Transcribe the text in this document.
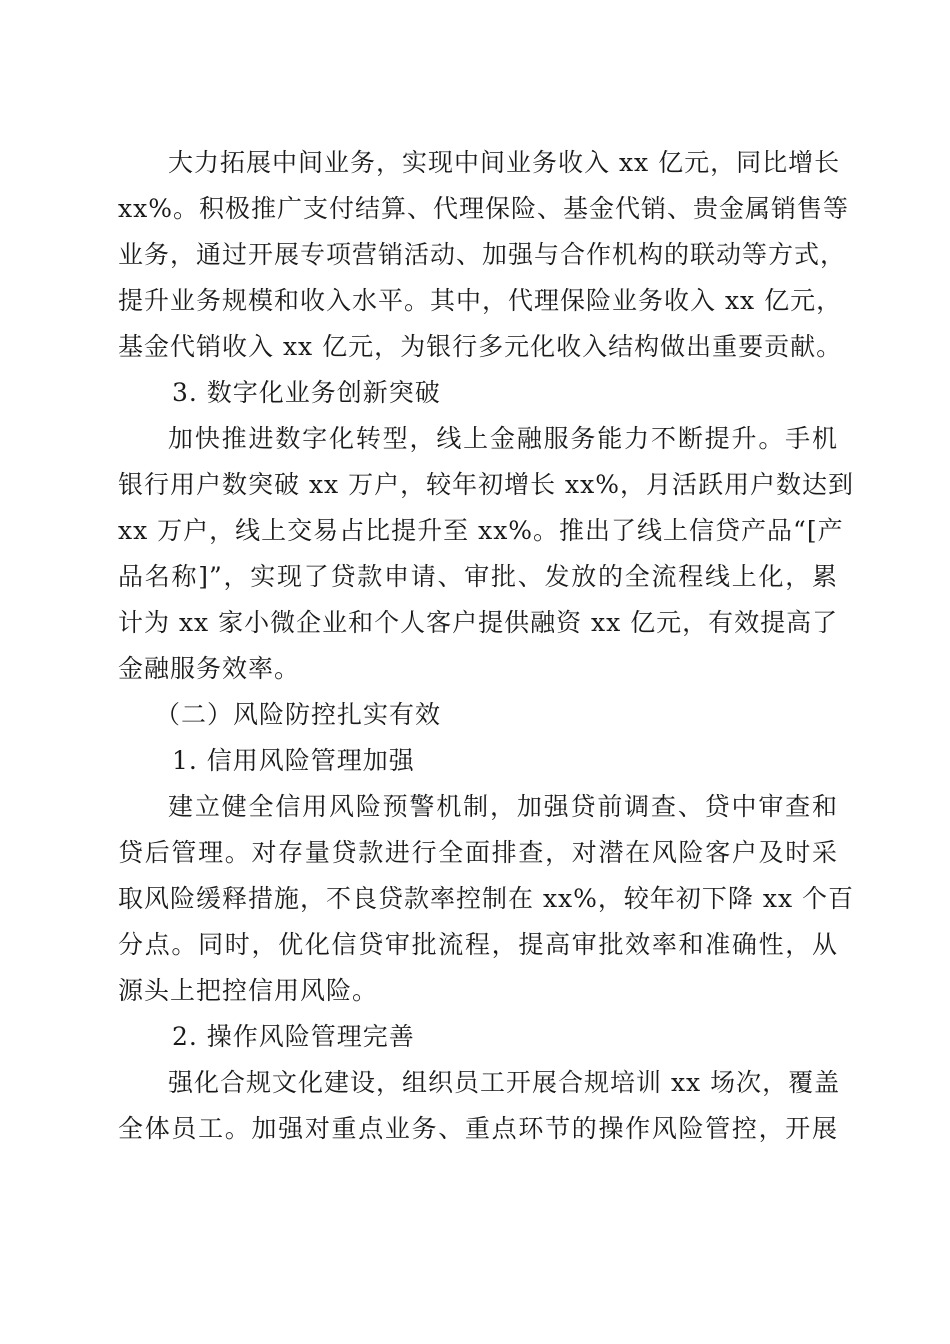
大力拓展中间业务，实现中间业务收入 xx 亿元，同比增长
xx%。积极推广支付结算、代理保险、基金代销、贵金属销售等
业务，通过开展专项营销活动、加强与合作机构的联动等方式，
提升业务规模和收入水平。其中，代理保险业务收入 xx 亿元，
基金代销收入 xx 亿元，为银行多元化收入结构做出重要贡献。
3. 数字化业务创新突破
加快推进数字化转型，线上金融服务能力不断提升。手机
银行用户数突破 xx 万户，较年初增长 xx%，月活跃用户数达到
xx 万户，线上交易占比提升至 xx%。推出了线上信贷产品“[产
品名称]”，实现了贷款申请、审批、发放的全流程线上化，累
计为 xx 家小微企业和个人客户提供融资 xx 亿元，有效提高了
金融服务效率。
（二）风险防控扎实有效
1. 信用风险管理加强
建立健全信用风险预警机制，加强贷前调查、贷中审查和
贷后管理。对存量贷款进行全面排查，对潜在风险客户及时采
取风险缓释措施，不良贷款率控制在 xx%，较年初下降 xx 个百
分点。同时，优化信贷审批流程，提高审批效率和准确性，从
源头上把控信用风险。
2. 操作风险管理完善
强化合规文化建设，组织员工开展合规培训 xx 场次，覆盖
全体员工。加强对重点业务、重点环节的操作风险管控，开展
